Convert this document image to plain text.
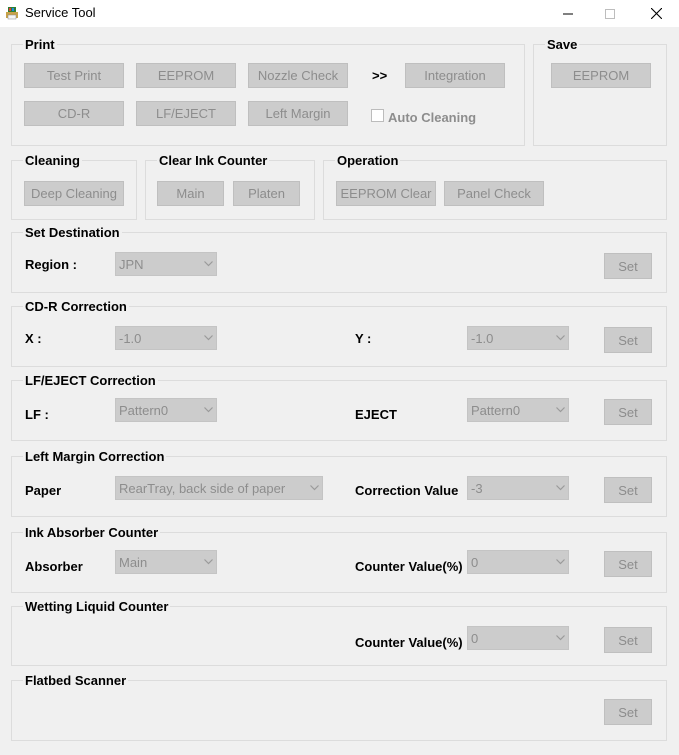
Service Tool
Print
Test Print	EEPROM	Nozzle Check	>>	Integration
CD-R	LF/EJECT	Left Margin	Auto Cleaning
Save
EEPROM
Cleaning
Deep Cleaning
Clear Ink Counter
Main	Platen
Operation
EEPROM Clear	Panel Check
Set Destination
Region :	JPN	Set
CD-R Correction
X :	-1.0	Y :	-1.0	Set
LF/EJECT Correction
LF :	Pattern0	EJECT	Pattern0	Set
Left Margin Correction
Paper	RearTray, back side of paper	Correction Value -3	Set
Ink Absorber Counter
Absorber	Main	Counter Value(%) 0	Set
Wetting Liquid Counter
Counter Value(%) 0	Set
Flatbed Scanner
Set
